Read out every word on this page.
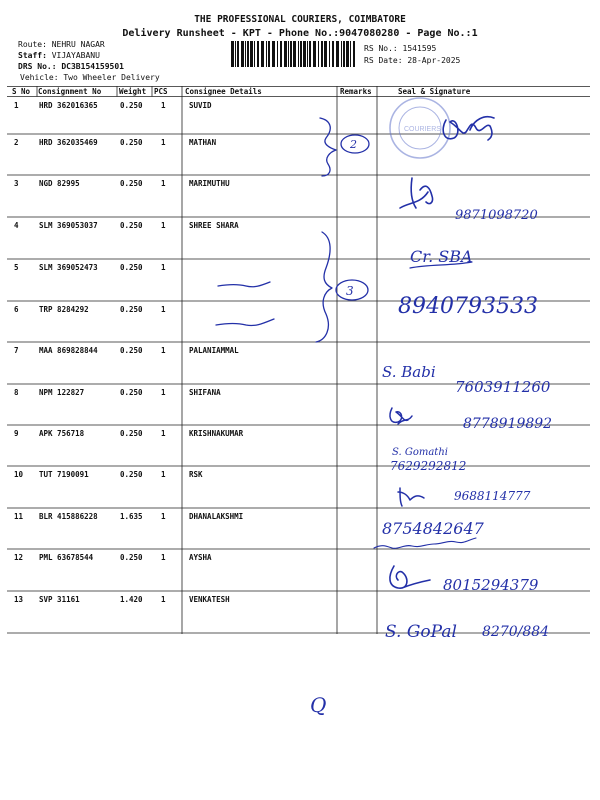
THE PROFESSIONAL COURIERS, COIMBATORE
Delivery Runsheet - KPT - Phone No.:9047080280 - Page No.:1
Route: NEHRU NAGAR
Staff: VIJAYABANU
DRS No.: DC3B154159501
Vehicle: Two Wheeler Delivery
RS No.: 1541595
RS Date: 28-Apr-2025
S No Consignment No Weight PCS Consignee Details	Remarks	Seal & Signature
1	HRD 362016365	0.250 1	SUVID
2	HRD 362035469	0.250 1	MATHAN
3	NGD 82995	0.250 1	MARIMUTHU
4	SLM 369053037	0.250 1	SHREE SHARA
5	SLM 369052473	0.250 1
6	TRP 8284292	0.250 1
7	MAA 869828844	0.250 1	PALANIAMMAL
8	NPM 122827	0.250 1	SHIFANA
9	APK 756718	0.250 1	KRISHNAKUMAR
10 TUT 7190091	0.250 1	RSK
11 BLR 415886228	1.635 1	DHANALAKSHMI
12 PML 63678544	0.250 1	AYSHA
13 SVP 31161	1.420 1	VENKATESH
COURIERS
2
9871098720
3
Cr. SBA
8940793533
S. Babi
7603911260
8778919892
S. Gomathi
7629292812
9688114777
8754842647
8015294379
S. GoPal 8270/884
Q
